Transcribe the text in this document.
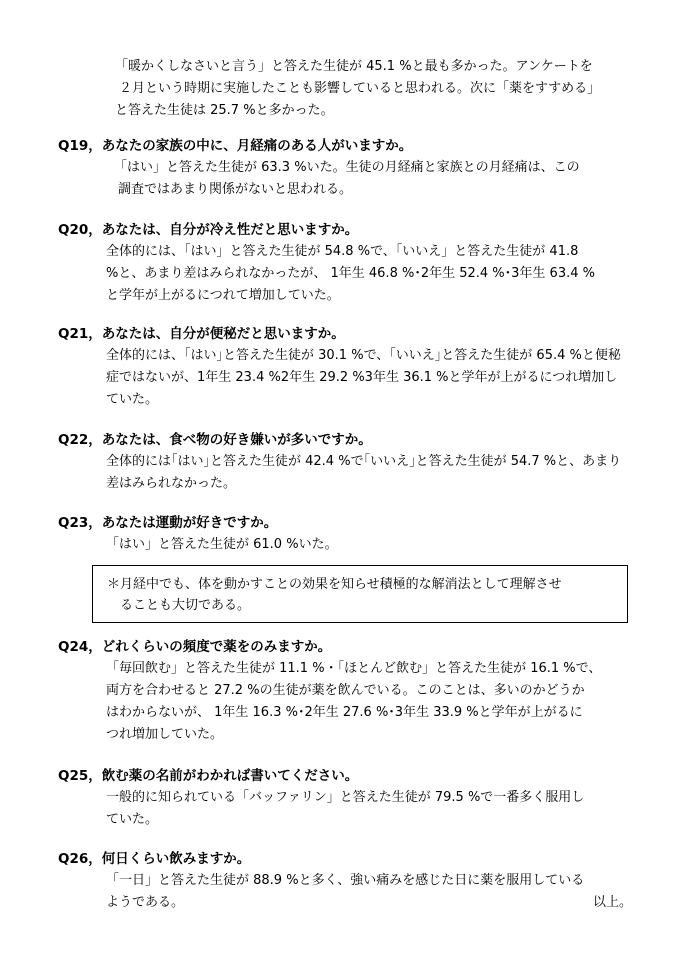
「暖かくしなさいと言う」と答えた生徒が 45.1 %と最も多かった。アンケートを
２月という時期に実施したことも影響していると思われる。次に「薬をすすめる」
と答えた生徒は 25.7 %と多かった。
Q19，あなたの家族の中に、月経痛のある人がいますか。
「はい」と答えた生徒が 63.3 %いた。生徒の月経痛と家族との月経痛は、この
調査ではあまり関係がないと思われる。
Q20，あなたは、自分が冷え性だと思いますか。
全体的には、「はい」と答えた生徒が 54.8 %で、「いいえ」と答えた生徒が 41.8
%と、あまり差はみられなかったが、 1年生 46.8 %･2年生 52.4 %･3年生 63.4 %
と学年が上がるにつれて増加していた。
Q21，あなたは、自分が便秘だと思いますか。
全体的には、｢はい｣と答えた生徒が 30.1 %で、｢いいえ｣と答えた生徒が 65.4 %と便秘
症ではないが、1年生 23.4 %2年生 29.2 %3年生 36.1 %と学年が上がるにつれ増加し
ていた。
Q22，あなたは、食べ物の好き嫌いが多いですか。
全体的には｢はい｣と答えた生徒が 42.4 %で｢いいえ｣と答えた生徒が 54.7 %と、あまり
差はみられなかった。
Q23，あなたは運動が好きですか。
「はい」と答えた生徒が 61.0 %いた。
＊月経中でも、体を動かすことの効果を知らせ積極的な解消法として理解させ
　ることも大切である。
Q24，どれくらいの頻度で薬をのみますか。
「毎回飲む」と答えた生徒が 11.1 %・「ほとんど飲む」と答えた生徒が 16.1 %で、
両方を合わせると 27.2 %の生徒が薬を飲んでいる。このことは、多いのかどうか
はわからないが、 1年生 16.3 %･2年生 27.6 %･3年生 33.9 %と学年が上がるに
つれ増加していた。
Q25，飲む薬の名前がわかれば書いてください。
一般的に知られている「バッファリン」と答えた生徒が 79.5 %で一番多く服用し
ていた。
Q26，何日くらい飲みますか。
「一日」と答えた生徒が 88.9 %と多く、強い痛みを感じた日に薬を服用している
ようである。	以上。
